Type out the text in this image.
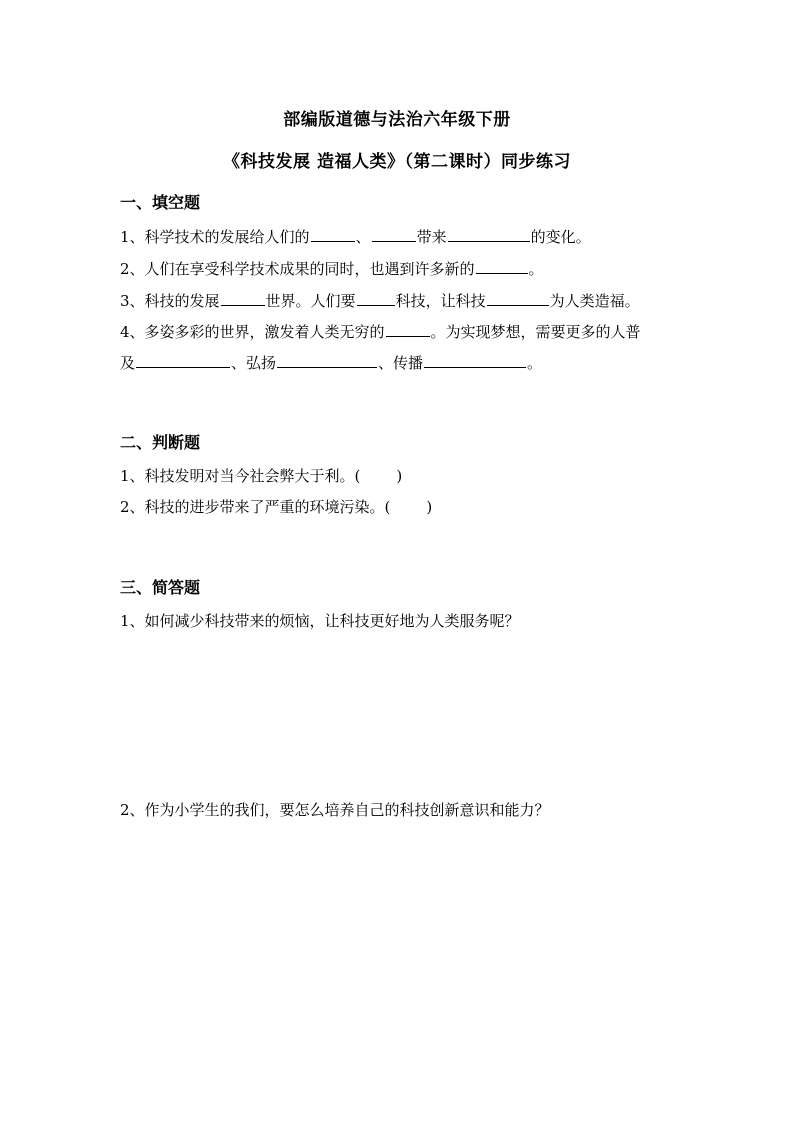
部编版道德与法治六年级下册
《科技发展 造福人类》（第二课时）同步练习
一、填空题
1、科学技术的发展给人们的	、	带来	的变化。
2、人们在享受科学技术成果的同时，也遇到许多新的	。
3、科技的发展	世界。人们要	科技，让科技	为人类造福。
4、多姿多彩的世界，激发着人类无穷的	。为实现梦想，需要更多的人普
及	、弘扬	、传播	。
二、判断题
1、科技发明对当今社会弊大于利。( )
2、科技的进步带来了严重的环境污染。( )
三、简答题
1、如何减少科技带来的烦恼，让科技更好地为人类服务呢？
2、作为小学生的我们，要怎么培养自己的科技创新意识和能力？
